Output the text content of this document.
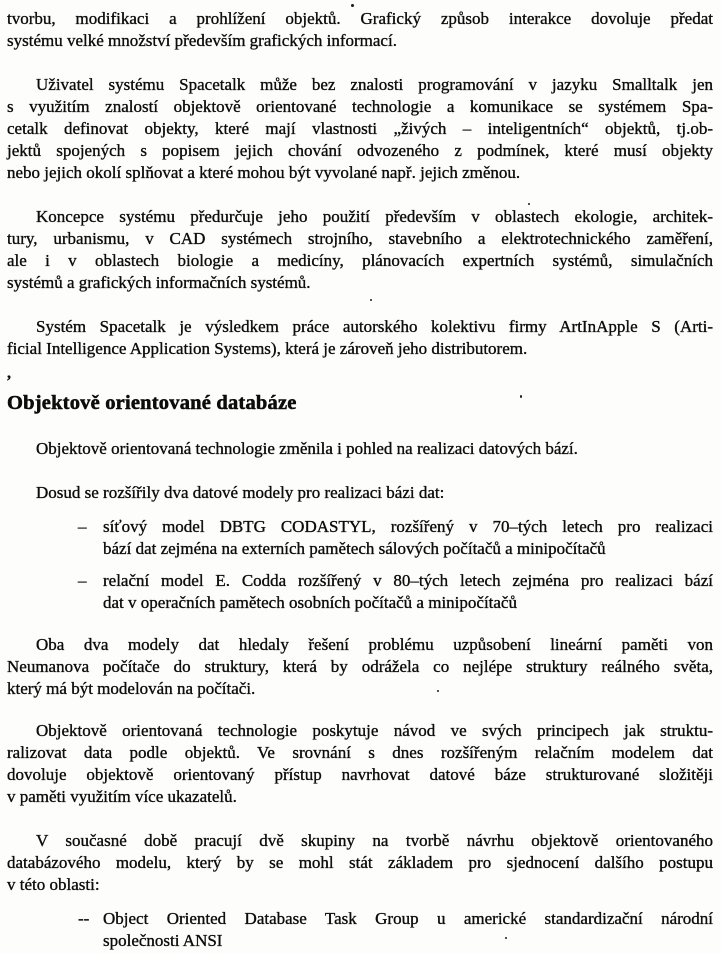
tvorbu, modifikaci a prohlížení objektů. Grafický způsob interakce dovoluje předat
systému velké množství především grafických informací.
Uživatel systému Spacetalk může bez znalosti programování v jazyku Smalltalk jen
s využitím znalostí objektově orientované technologie a komunikace se systémem Spa-
cetalk definovat objekty, které mají vlastnosti „živých – inteligentních“ objektů, tj.ob-
jektů spojených s popisem jejich chování odvozeného z podmínek, které musí objekty
nebo jejich okolí splňovat a které mohou být vyvolané např. jejich změnou.
Koncepce systému předurčuje jeho použití především v oblastech ekologie, architek-
tury, urbanismu, v CAD systémech strojního, stavebního a elektrotechnického zaměření,
ale i v oblastech biologie a medicíny, plánovacích expertních systémů, simulačních
systémů a grafických informačních systémů.
Systém Spacetalk je výsledkem práce autorského kolektivu firmy ArtInApple S (Arti-
ficial Intelligence Application Systems), která je zároveň jeho distributorem.
,
Objektově orientované databáze
Objektově orientovaná technologie změnila i pohled na realizaci datových bází.
Dosud se rozšířily dva datové modely pro realizaci bázi dat:
– síťový model DBTG CODASTYL, rozšířený v 70–tých letech pro realizaci
bází dat zejména na externích pamětech sálových počítačů a minipočítačů
– relační model E. Codda rozšířený v 80–tých letech zejména pro realizaci bází
dat v operačních pamětech osobních počítačů a minipočítačů
Oba dva modely dat hledaly řešení problému uzpůsobení lineární paměti von
Neumanova počítače do struktury, která by odrážela co nejlépe struktury reálného světa,
který má být modelován na počítači.
Objektově orientovaná technologie poskytuje návod ve svých principech jak struktu-
ralizovat data podle objektů. Ve srovnání s dnes rozšířeným relačním modelem dat
dovoluje objektově orientovaný přístup navrhovat datové báze strukturované složitěji
v paměti využitím více ukazatelů.
V současné době pracují dvě skupiny na tvorbě návrhu objektově orientovaného
databázového modelu, který by se mohl stát základem pro sjednocení dalšího postupu
v této oblasti:
-- Object Oriented Database Task Group u americké standardizační národní
společnosti ANSI
